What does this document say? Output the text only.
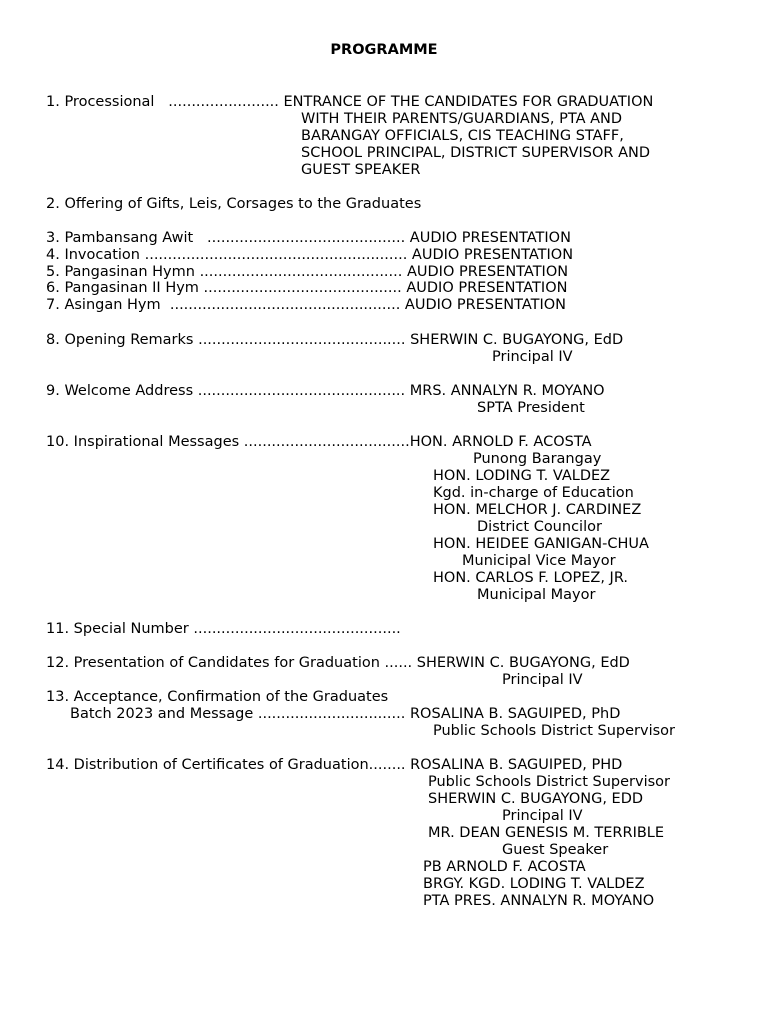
PROGRAMME
1. Processional   ........................ ENTRANCE OF THE CANDIDATES FOR GRADUATION
WITH THEIR PARENTS/GUARDIANS, PTA AND
BARANGAY OFFICIALS, CIS TEACHING STAFF,
SCHOOL PRINCIPAL, DISTRICT SUPERVISOR AND
GUEST SPEAKER
2. Offering of Gifts, Leis, Corsages to the Graduates
3. Pambansang Awit   ........................................... AUDIO PRESENTATION
4. Invocation ......................................................... AUDIO PRESENTATION
5. Pangasinan Hymn ............................................ AUDIO PRESENTATION
6. Pangasinan II Hym ........................................... AUDIO PRESENTATION
7. Asingan Hym  .................................................. AUDIO PRESENTATION
8. Opening Remarks ............................................. SHERWIN C. BUGAYONG, EdD
Principal IV
9. Welcome Address ............................................. MRS. ANNALYN R. MOYANO
SPTA President
10. Inspirational Messages ....................................HON. ARNOLD F. ACOSTA
Punong Barangay
HON. LODING T. VALDEZ
Kgd. in-charge of Education
HON. MELCHOR J. CARDINEZ
District Councilor
HON. HEIDEE GANIGAN-CHUA
Municipal Vice Mayor
HON. CARLOS F. LOPEZ, JR.
Municipal Mayor
11. Special Number .............................................
12. Presentation of Candidates for Graduation ...... SHERWIN C. BUGAYONG, EdD
Principal IV
13. Acceptance, Confirmation of the Graduates
Batch 2023 and Message ................................ ROSALINA B. SAGUIPED, PhD
Public Schools District Supervisor
14. Distribution of Certificates of Graduation........ ROSALINA B. SAGUIPED, PHD
Public Schools District Supervisor
SHERWIN C. BUGAYONG, EDD
Principal IV
MR. DEAN GENESIS M. TERRIBLE
Guest Speaker
PB ARNOLD F. ACOSTA
BRGY. KGD. LODING T. VALDEZ
PTA PRES. ANNALYN R. MOYANO
